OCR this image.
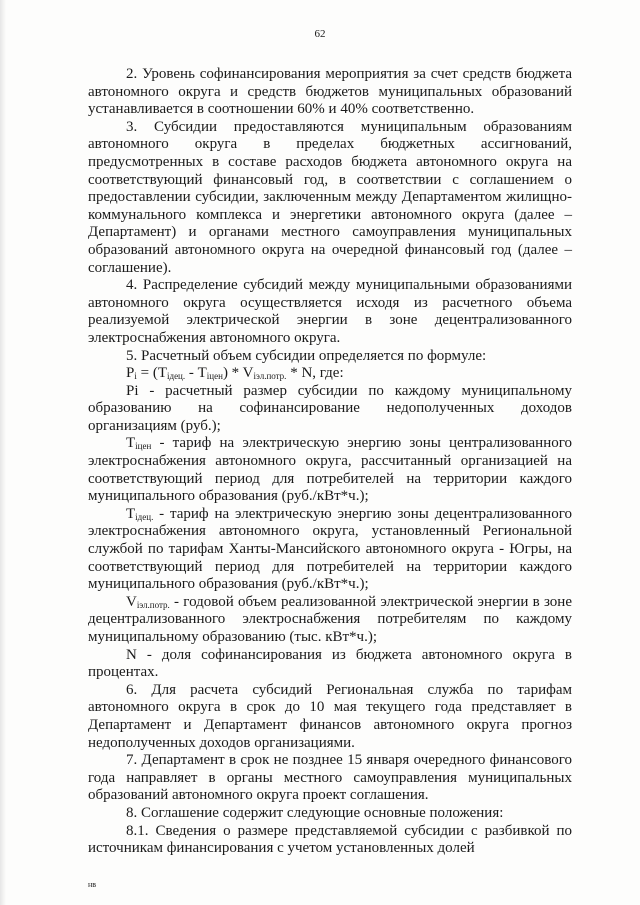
62

2. Уровень софинансирования мероприятия за счет средств бюджета автономного округа и средств бюджетов муниципальных образований устанавливается в соотношении 60% и 40% соответственно.

3. Субсидии предоставляются муниципальным образованиям автономного округа в пределах бюджетных ассигнований, предусмотренных в составе расходов бюджета автономного округа на соответствующий финансовый год, в соответствии с соглашением о предоставлении субсидии, заключенным между Департаментом жилищно-коммунального комплекса и энергетики автономного округа (далее – Департамент) и органами местного самоуправления муниципальных образований автономного округа на очередной финансовый год (далее – соглашение).

4. Распределение субсидий между муниципальными образованиями автономного округа осуществляется исходя из расчетного объема реализуемой электрической энергии в зоне децентрализованного электроснабжения автономного округа.

5. Расчетный объем субсидии определяется по формуле:

$P_i = (T_{iдец.} - T_{iцен}) * V_{iэл.потр.} * N$, где:

Pi - расчетный размер субсидии по каждому муниципальному образованию на софинансирование недополученных доходов организациям (руб.);

$T_{iцен}$ - тариф на электрическую энергию зоны централизованного электроснабжения автономного округа, рассчитанный организацией на соответствующий период для потребителей на территории каждого муниципального образования (руб./кВт*ч.);

$T_{iдец.}$ - тариф на электрическую энергию зоны децентрализованного электроснабжения автономного округа, установленный Региональной службой по тарифам Ханты-Мансийского автономного округа - Югры, на соответствующий период для потребителей на территории каждого муниципального образования (руб./кВт*ч.);

$V_{iэл.потр.}$ - годовой объем реализованной электрической энергии в зоне децентрализованного электроснабжения потребителям по каждому муниципальному образованию (тыс. кВт*ч.);

N - доля софинансирования из бюджета автономного округа в процентах.

6. Для расчета субсидий Региональная служба по тарифам автономного округа в срок до 10 мая текущего года представляет в Департамент и Департамент финансов автономного округа прогноз недополученных доходов организациями.

7. Департамент в срок не позднее 15 января очередного финансового года направляет в органы местного самоуправления муниципальных образований автономного округа проект соглашения.

8. Соглашение содержит следующие основные положения:

8.1. Сведения о размере представляемой субсидии с разбивкой по источникам финансирования с учетом установленных долей

нв
